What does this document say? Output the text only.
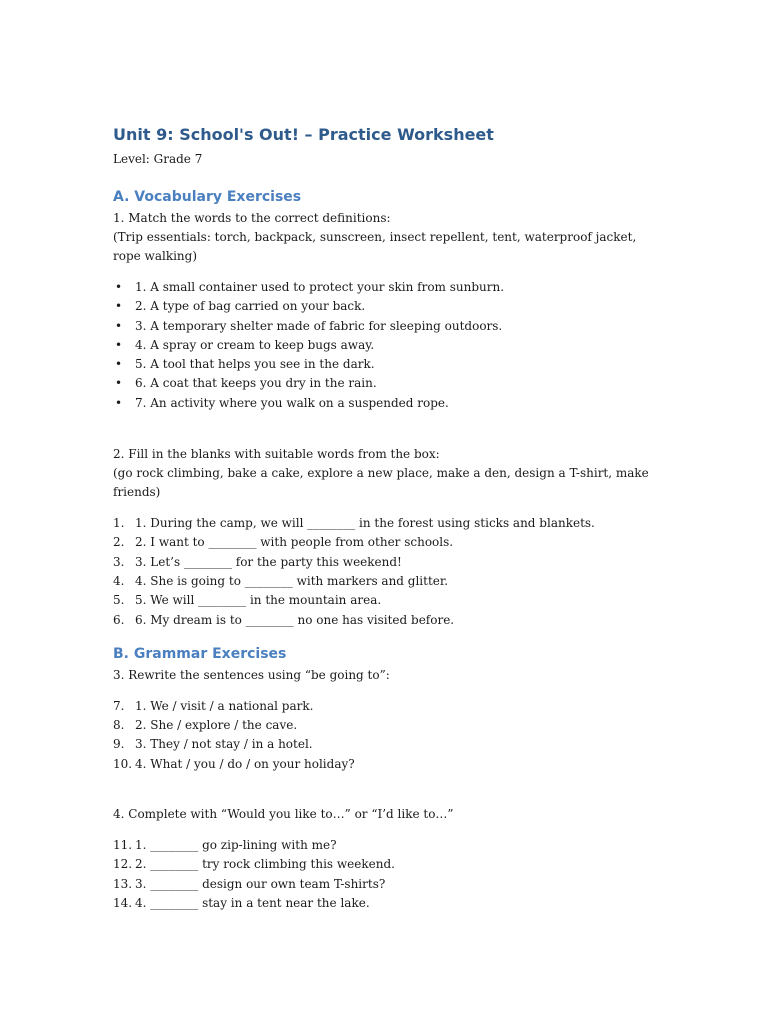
Unit 9: School's Out! – Practice Worksheet

Level: Grade 7

A. Vocabulary Exercises

1. Match the words to the correct definitions:

(Trip essentials: torch, backpack, sunscreen, insect repellent, tent, waterproof jacket, rope walking)

• 1. A small container used to protect your skin from sunburn.
• 2. A type of bag carried on your back.
• 3. A temporary shelter made of fabric for sleeping outdoors.
• 4. A spray or cream to keep bugs away.
• 5. A tool that helps you see in the dark.
• 6. A coat that keeps you dry in the rain.
• 7. An activity where you walk on a suspended rope.

2. Fill in the blanks with suitable words from the box:

(go rock climbing, bake a cake, explore a new place, make a den, design a T-shirt, make friends)

1. 1. During the camp, we will ________ in the forest using sticks and blankets.
2. 2. I want to ________ with people from other schools.
3. 3. Let’s ________ for the party this weekend!
4. 4. She is going to ________ with markers and glitter.
5. 5. We will ________ in the mountain area.
6. 6. My dream is to ________ no one has visited before.
B. Grammar Exercises

3. Rewrite the sentences using “be going to”:

7. 1. We / visit / a national park.
8. 2. She / explore / the cave.
9. 3. They / not stay / in a hotel.
10. 4. What / you / do / on your holiday?

4. Complete with “Would you like to…” or “I’d like to…”

11. 1. ________ go zip-lining with me?
12. 2. ________ try rock climbing this weekend.
13. 3. ________ design our own team T-shirts?
14. 4. ________ stay in a tent near the lake.
